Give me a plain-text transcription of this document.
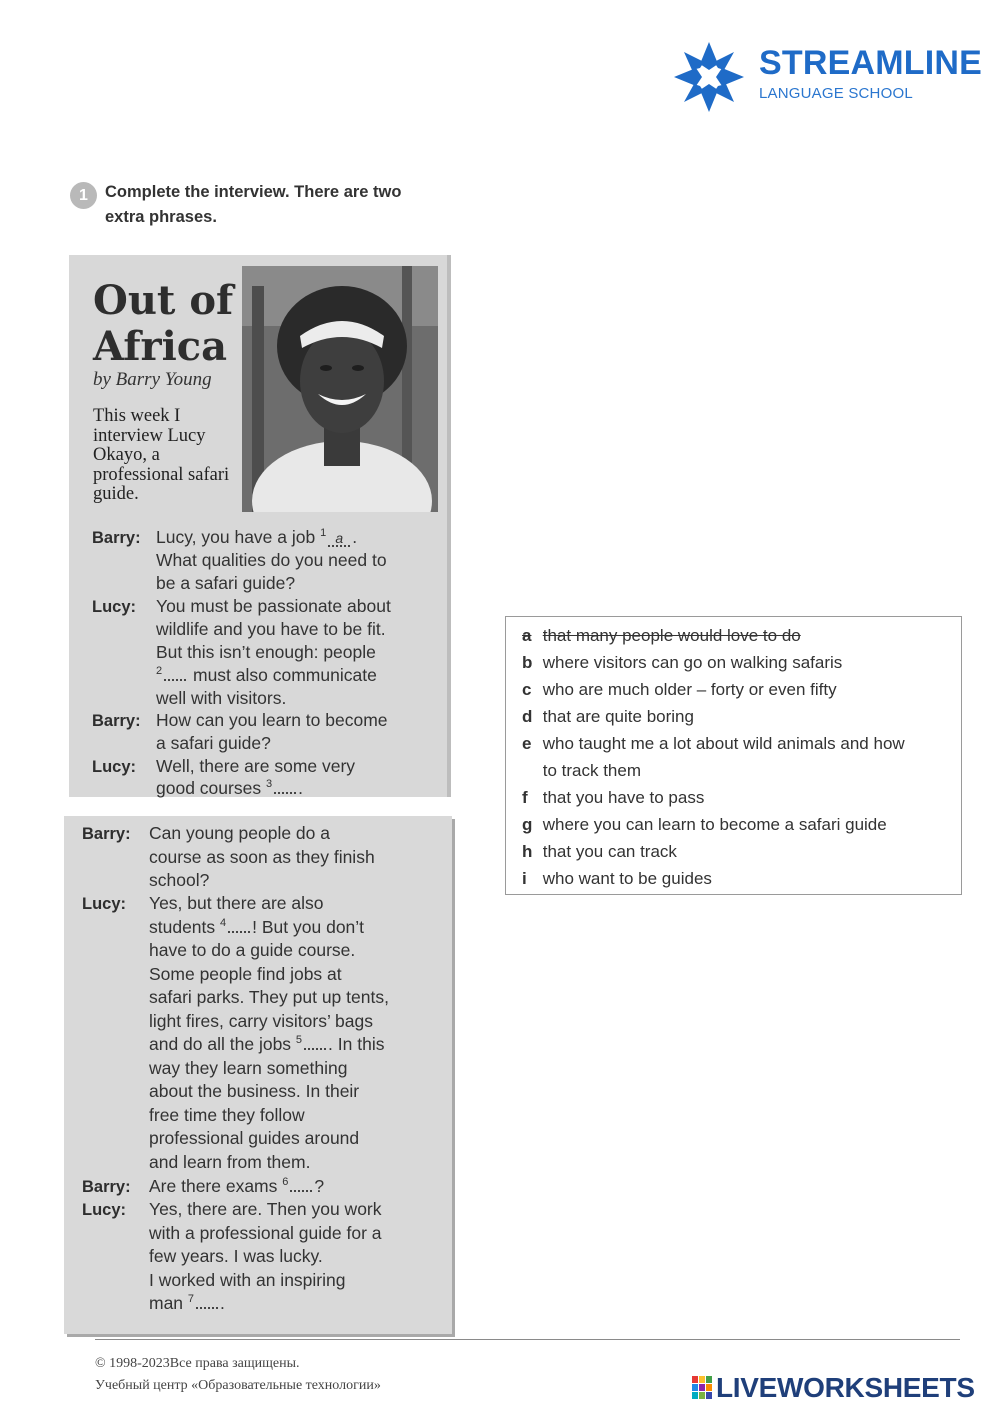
STREAMLINE
LANGUAGE SCHOOL
1	Complete the interview. There are two extra phrases.
Out of
Africa
by Barry Young
This week I interview Lucy Okayo, a professional safari guide.
Barry: Lucy, you have a job $^1$ a .
What qualities do you need to
be a safari guide?
Lucy: You must be passionate about
wildlife and you have to be fit.
But this isn’t enough: people
$^2$ must also communicate
well with visitors.
Barry: How can you learn to become
a safari guide?
Lucy: Well, there are some very
good courses $^3$ .
Barry: Can young people do a
course as soon as they finish
school?
Lucy: Yes, but there are also
students $^4$ ! But you don’t
have to do a guide course.
Some people find jobs at
safari parks. They put up tents,
light fires, carry visitors’ bags
and do all the jobs $^5$ . In this
way they learn something
about the business. In their
free time they follow
professional guides around
and learn from them.
Barry: Are there exams $^6$ ?
Lucy: Yes, there are. Then you work
with a professional guide for a
few years. I was lucky.
I worked with an inspiring
man $^7$ .
a that many people would love to do
b where visitors can go on walking safaris
c who are much older – forty or even fifty
d that are quite boring
e who taught me a lot about wild animals and how
to track them
f that you have to pass
g where you can learn to become a safari guide
h that you can track
i who want to be guides
© 1998-2023Все права защищены.
Учебный центр «Образовательные технологии»	LIVEWORKSHEETS
